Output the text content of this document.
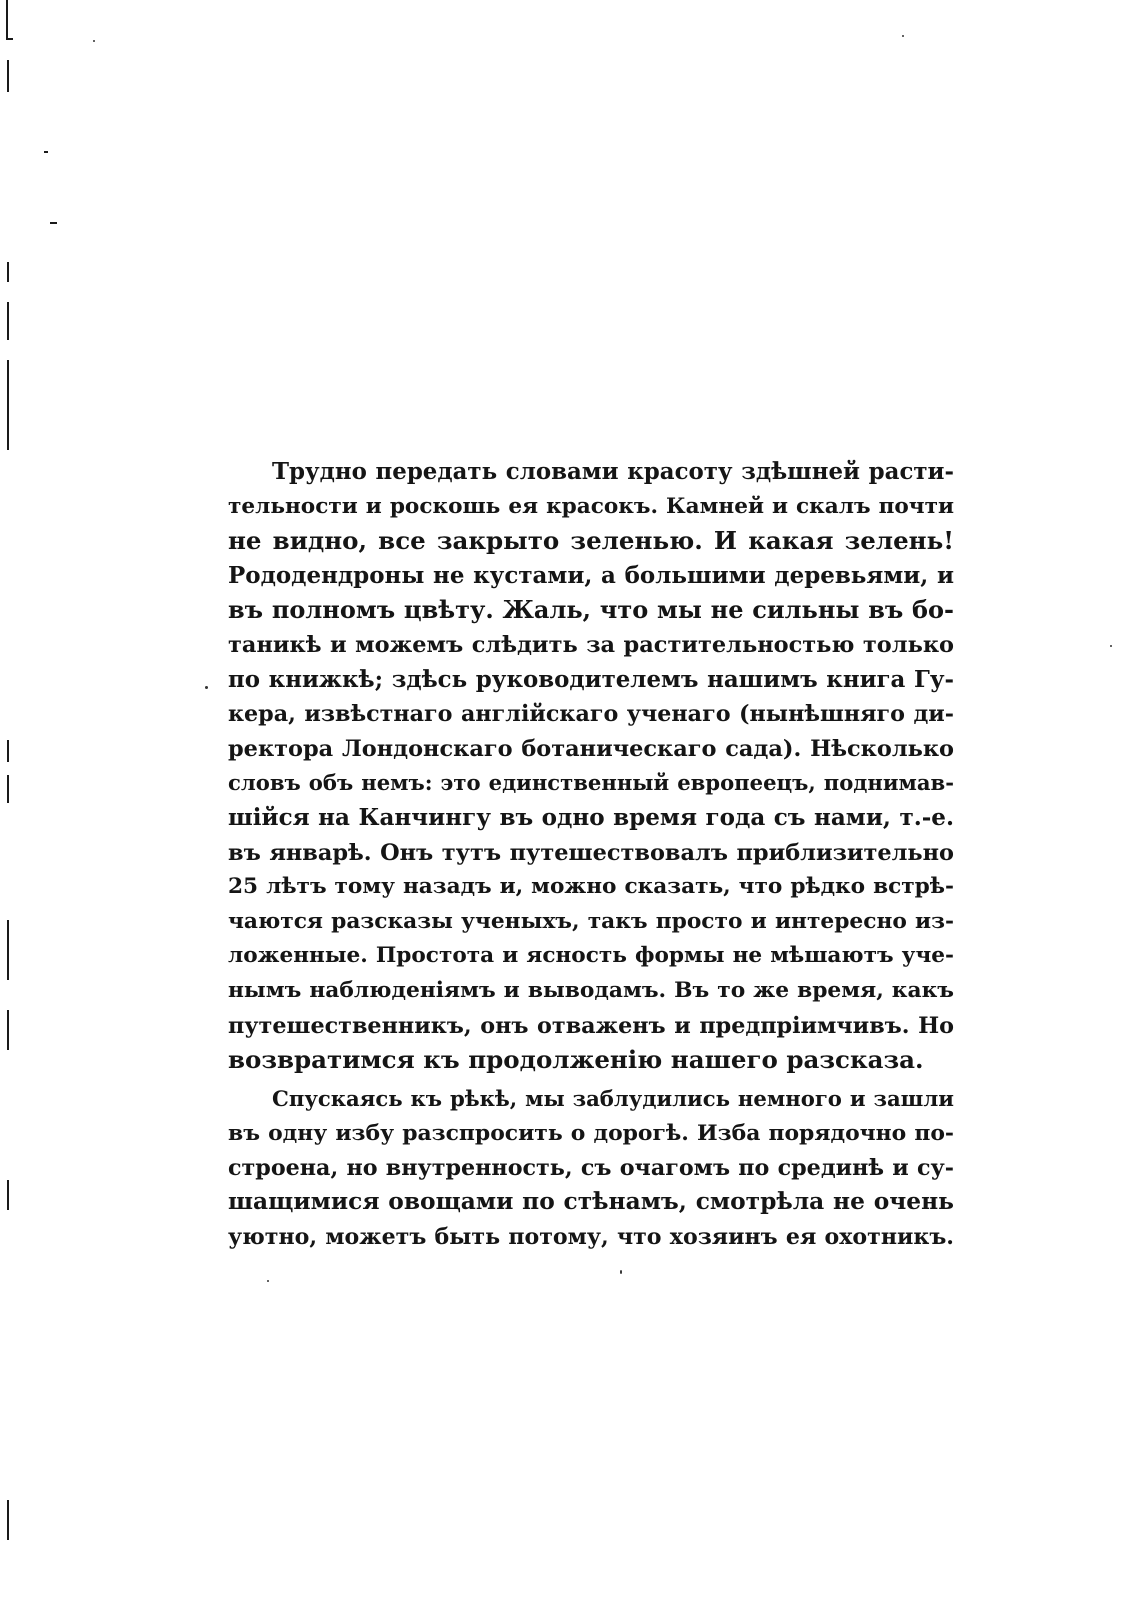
Трудно передать словами красоту здѣшней расти-
тельности и роскошь ея красокъ. Камней и скалъ почти
не видно, все закрыто зеленью. И какая зелень!
Рододендроны не кустами, а большими деревьями, и
въ полномъ цвѣту. Жаль, что мы не сильны въ бо-
таникѣ и можемъ слѣдить за растительностью только
по книжкѣ; здѣсь руководителемъ нашимъ книга Гу-
кера, извѣстнаго англійскаго ученаго (нынѣшняго ди-
ректора Лондонскаго ботаническаго сада). Нѣсколько
словъ объ немъ: это единственный европеецъ, поднимав-
шійся на Канчингу въ одно время года съ нами, т.-е.
въ январѣ. Онъ тутъ путешествовалъ приблизительно
25 лѣтъ тому назадъ и, можно сказать, что рѣдко встрѣ-
чаются разсказы ученыхъ, такъ просто и интересно из-
ложенные. Простота и ясность формы не мѣшаютъ уче-
нымъ наблюденіямъ и выводамъ. Въ то же время, какъ
путешественникъ, онъ отваженъ и предпріимчивъ. Но
возвратимся къ продолженію нашего разсказа.
Спускаясь къ рѣкѣ, мы заблудились немного и зашли
въ одну избу разспросить о дорогѣ. Изба порядочно по-
строена, но внутренность, съ очагомъ по срединѣ и су-
шащимися овощами по стѣнамъ, смотрѣла не очень
уютно, можетъ быть потому, что хозяинъ ея охотникъ.
